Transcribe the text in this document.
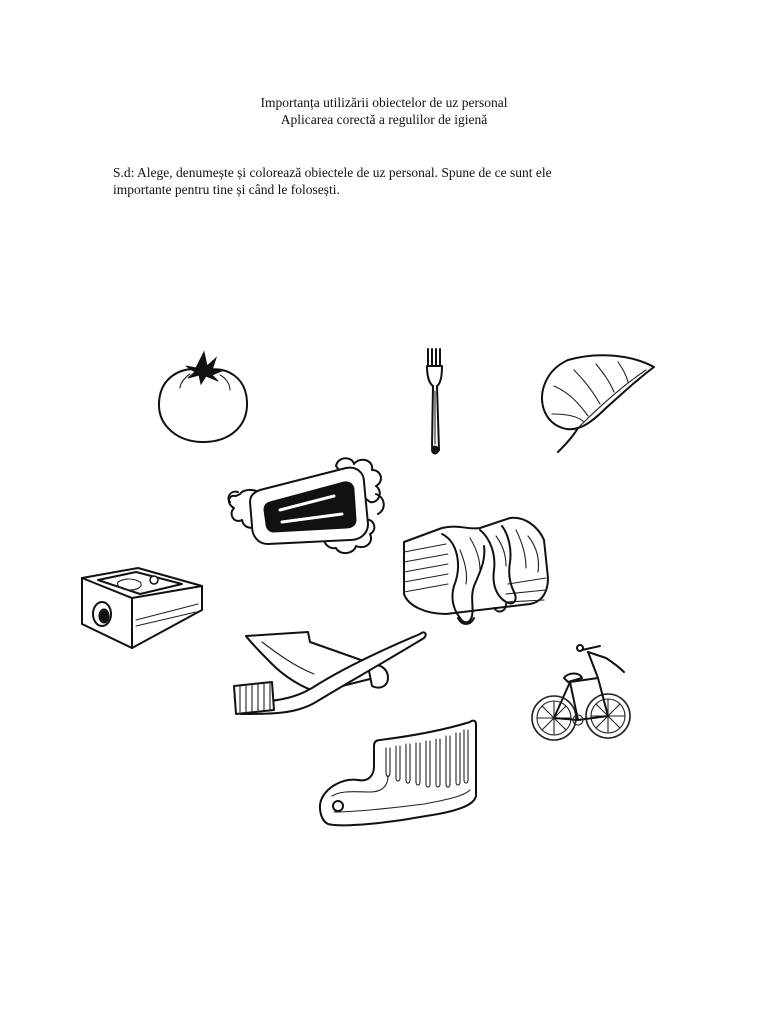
Importanța utilizării obiectelor de uz personal
Aplicarea corectă a regulilor de igienă
S.d: Alege, denumește și colorează obiectele de uz personal. Spune de ce sunt ele
importante pentru tine și când le folosești.
